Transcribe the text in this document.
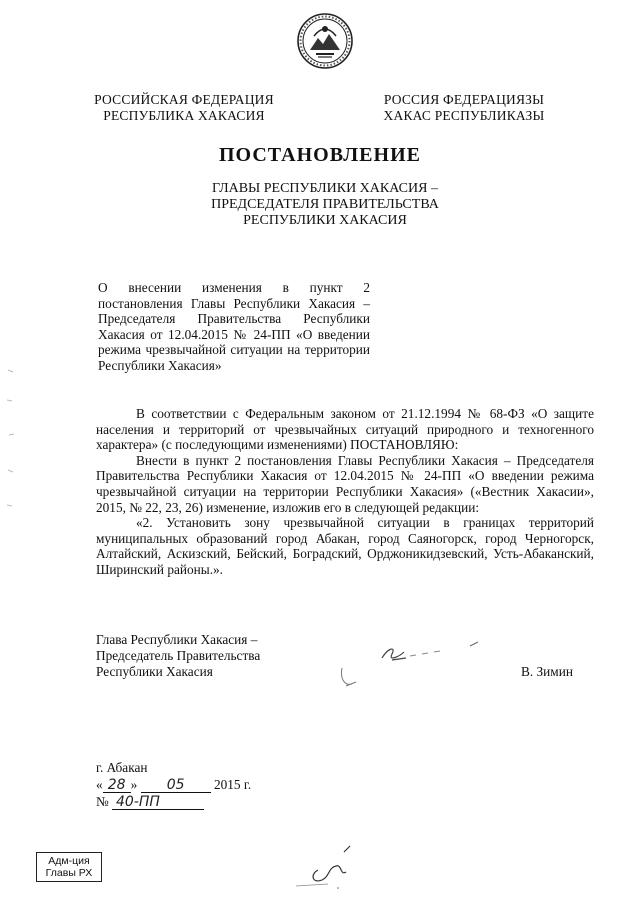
РОССИЙСКАЯ ФЕДЕРАЦИЯ
РЕСПУБЛИКА ХАКАСИЯ
РОССИЯ ФЕДЕРАЦИЯЗЫ
ХАКАС РЕСПУБЛИКАЗЫ
ПОСТАНОВЛЕНИЕ
ГЛАВЫ РЕСПУБЛИКИ ХАКАСИЯ –
ПРЕДСЕДАТЕЛЯ ПРАВИТЕЛЬСТВА
РЕСПУБЛИКИ ХАКАСИЯ
О внесении изменения в пункт 2 постановления Главы Республики Хакасия – Председателя Правительства Республики Хакасия от 12.04.2015 № 24-ПП «О введении режима чрезвычайной ситуации на территории Республики Хакасия»

В соответствии с Федеральным законом от 21.12.1994 № 68-ФЗ «О защите населения и территорий от чрезвычайных ситуаций природного и техногенного характера» (с последующими изменениями) ПОСТАНОВЛЯЮ:

Внести в пункт 2 постановления Главы Республики Хакасия – Председателя Правительства Республики Хакасия от 12.04.2015 № 24-ПП «О введении режима чрезвычайной ситуации на территории Республики Хакасия» («Вестник Хакасии», 2015, № 22, 23, 26) изменение, изложив его в следующей редакции:

«2. Установить зону чрезвычайной ситуации в границах территорий муниципальных образований город Абакан, город Саяногорск, город Черногорск, Алтайский, Аскизский, Бейский, Боградский, Орджоникидзевский, Усть-Абаканский, Ширинский районы.».

Глава Республики Хакасия –
Председатель Правительства
Республики Хакасия	В. Зимин
г. Абакан
« 28 » 05 2015 г.
№ 40-ПП
Адм-ция
Главы РХ
